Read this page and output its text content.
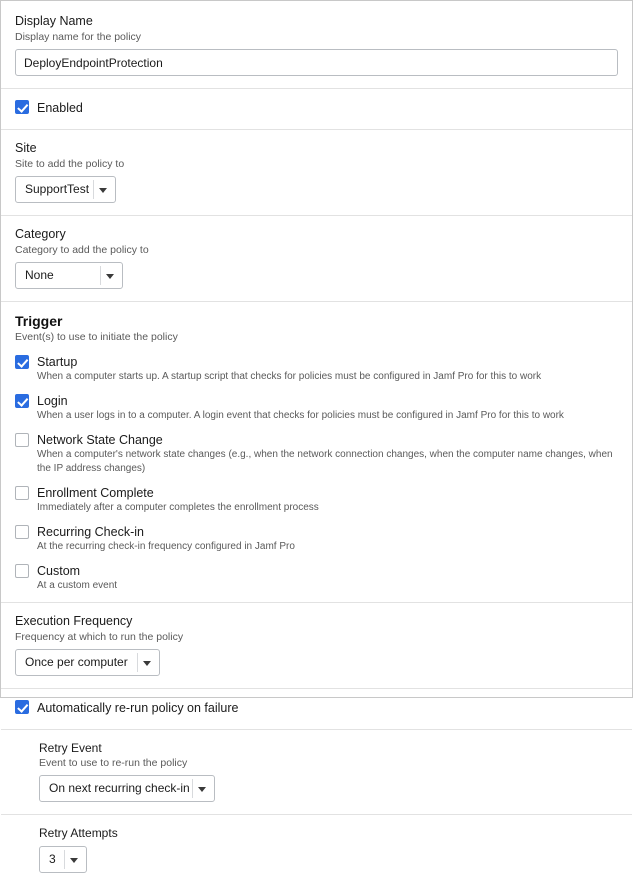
Display Name
Display name for the policy
DeployEndpointProtection
Enabled
Site
Site to add the policy to
SupportTest
Category
Category to add the policy to
None
Trigger
Event(s) to use to initiate the policy
Startup
When a computer starts up. A startup script that checks for policies must be configured in Jamf Pro for this to work
Login
When a user logs in to a computer. A login event that checks for policies must be configured in Jamf Pro for this to work
Network State Change
When a computer's network state changes (e.g., when the network connection changes, when the computer name changes, when the IP address changes)
Enrollment Complete
Immediately after a computer completes the enrollment process
Recurring Check-in
At the recurring check-in frequency configured in Jamf Pro
Custom
At a custom event
Execution Frequency
Frequency at which to run the policy
Once per computer
Automatically re-run policy on failure
Retry Event
Event to use to re-run the policy
On next recurring check-in
Retry Attempts
3
